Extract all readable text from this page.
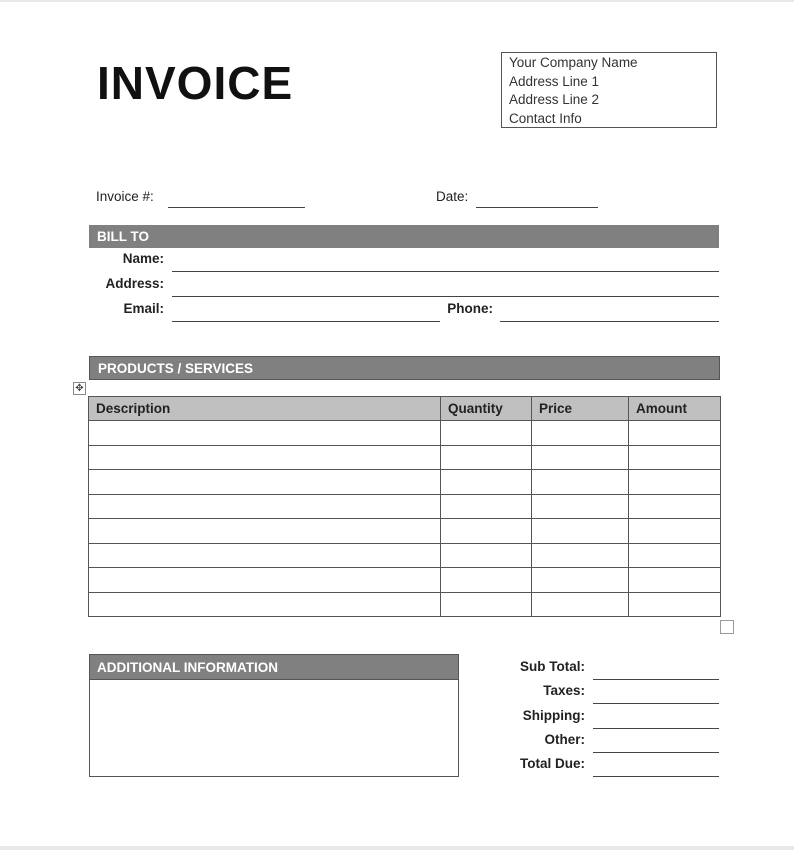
INVOICE	Your Company Name
Address Line 1
Address Line 2
Contact Info
Invoice #:	Date:
BILL TO
Name:
Address:
Email:	Phone:
PRODUCTS / SERVICES
✥
Description	Quantity	Price	Amount

ADDITIONAL INFORMATION	Sub Total:
Taxes:
Shipping:
Other:
Total Due:
